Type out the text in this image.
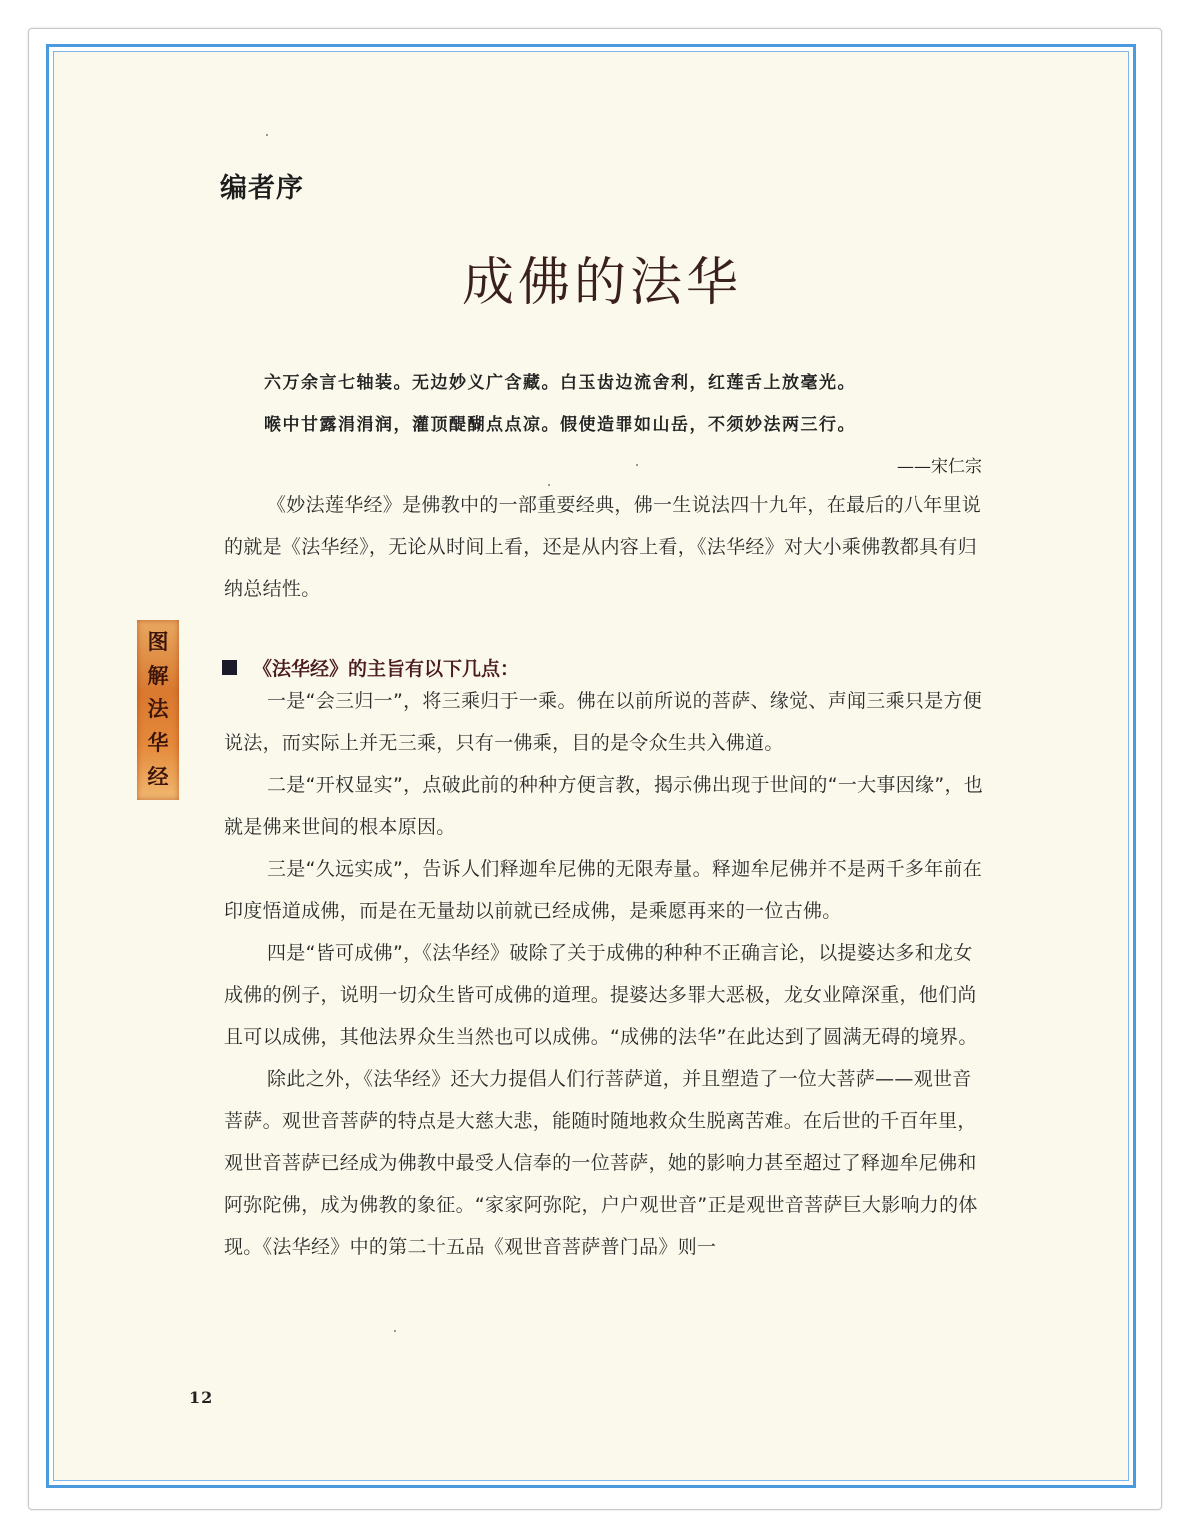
编者序
成佛的法华
六万余言七轴装。无边妙义广含藏。白玉齿边流舍利，红莲舌上放毫光。
喉中甘露涓涓润，灌顶醍醐点点凉。假使造罪如山岳，不须妙法两三行。
——宋仁宗

《妙法莲华经》是佛教中的一部重要经典，佛一生说法四十九年，在最后的八年里说的就是《法华经》，无论从时间上看，还是从内容上看，《法华经》对大小乘佛教都具有归纳总结性。

图
解
法
华
经
《法华经》的主旨有以下几点：

一是“会三归一”，将三乘归于一乘。佛在以前所说的菩萨、缘觉、声闻三乘只是方便说法，而实际上并无三乘，只有一佛乘，目的是令众生共入佛道。

二是“开权显实”，点破此前的种种方便言教，揭示佛出现于世间的“一大事因缘”，也就是佛来世间的根本原因。

三是“久远实成”，告诉人们释迦牟尼佛的无限寿量。释迦牟尼佛并不是两千多年前在印度悟道成佛，而是在无量劫以前就已经成佛，是乘愿再来的一位古佛。

四是“皆可成佛”，《法华经》破除了关于成佛的种种不正确言论，以提婆达多和龙女成佛的例子，说明一切众生皆可成佛的道理。提婆达多罪大恶极，龙女业障深重，他们尚且可以成佛，其他法界众生当然也可以成佛。“成佛的法华”在此达到了圆满无碍的境界。

除此之外，《法华经》还大力提倡人们行菩萨道，并且塑造了一位大菩萨——观世音菩萨。观世音菩萨的特点是大慈大悲，能随时随地救众生脱离苦难。在后世的千百年里，观世音菩萨已经成为佛教中最受人信奉的一位菩萨，她的影响力甚至超过了释迦牟尼佛和阿弥陀佛，成为佛教的象征。“家家阿弥陀，户户观世音”正是观世音菩萨巨大影响力的体现。《法华经》中的第二十五品《观世音菩萨普门品》则一

12
